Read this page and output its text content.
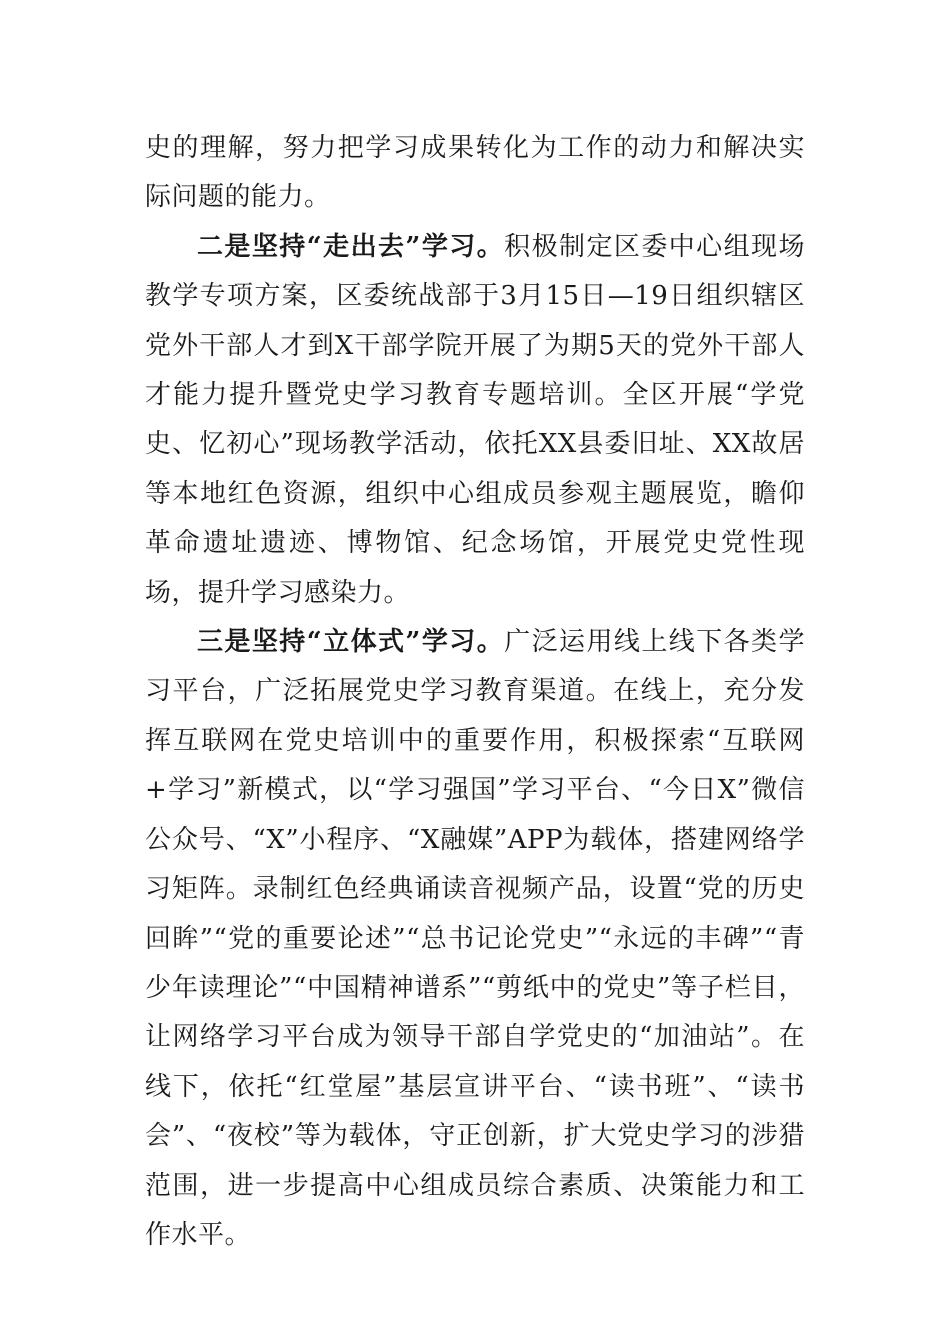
史的理解，努力把学习成果转化为工作的动力和解决实际问题的能力。

二是坚持“走出去”学习。积极制定区委中心组现场教学专项方案，区委统战部于3月15日—19日组织辖区党外干部人才到X干部学院开展了为期5天的党外干部人才能力提升暨党史学习教育专题培训。全区开展“学党史、忆初心”现场教学活动，依托XX县委旧址、XX故居等本地红色资源，组织中心组成员参观主题展览，瞻仰革命遗址遗迹、博物馆、纪念场馆，开展党史党性现场，提升学习感染力。

三是坚持“立体式”学习。广泛运用线上线下各类学习平台，广泛拓展党史学习教育渠道。在线上，充分发挥互联网在党史培训中的重要作用，积极探索“互联网+学习”新模式，以“学习强国”学习平台、“今日X”微信公众号、“X”小程序、“X融媒”APP为载体，搭建网络学习矩阵。录制红色经典诵读音视频产品，设置“党的历史回眸”“党的重要论述”“总书记论党史”“永远的丰碑”“青少年读理论”“中国精神谱系”“剪纸中的党史”等子栏目，让网络学习平台成为领导干部自学党史的“加油站”。在线下，依托“红堂屋”基层宣讲平台、“读书班”、“读书会”、“夜校”等为载体，守正创新，扩大党史学习的涉猎范围，进一步提高中心组成员综合素质、决策能力和工作水平。
